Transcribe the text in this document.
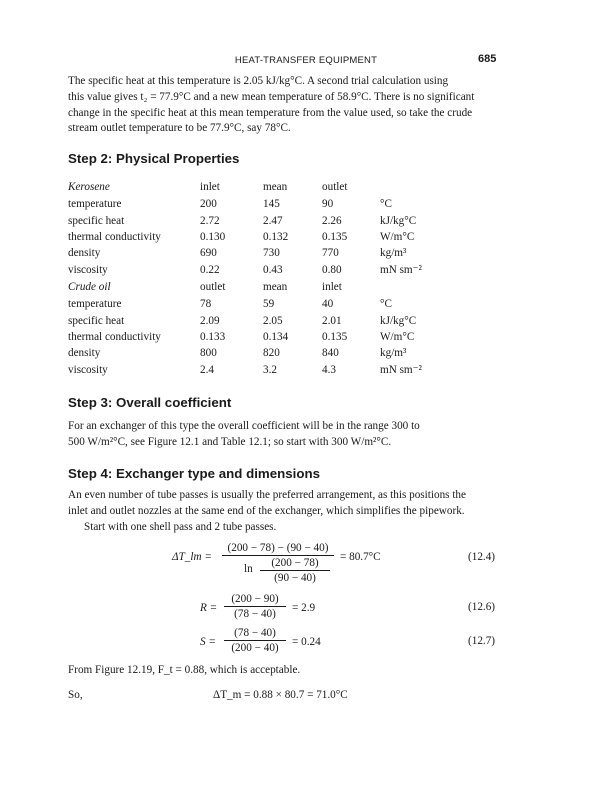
HEAT-TRANSFER EQUIPMENT	685

The specific heat at this temperature is 2.05 kJ/kg°C. A second trial calculation using

this value gives t₂ = 77.9°C and a new mean temperature of 58.9°C. There is no significant

change in the specific heat at this mean temperature from the value used, so take the crude

stream outlet temperature to be 77.9°C, say 78°C.

Step 2: Physical Properties
Kerosene	inlet	mean	outlet	
temperature	200	145	90	°C
specific heat	2.72	2.47	2.26	kJ/kg°C
thermal conductivity	0.130	0.132	0.135	W/m°C
density	690	730	770	kg/m³
viscosity	0.22	0.43	0.80	mN sm⁻²
Crude oil	outlet	mean	inlet	
temperature	78	59	40	°C
specific heat	2.09	2.05	2.01	kJ/kg°C
thermal conductivity	0.133	0.134	0.135	W/m°C
density	800	820	840	kg/m³
viscosity	2.4	3.2	4.3	mN sm⁻²
Step 3: Overall coefficient

For an exchanger of this type the overall coefficient will be in the range 300 to

500 W/m²°C, see Figure 12.1 and Table 12.1; so start with 300 W/m²°C.

Step 4: Exchanger type and dimensions

An even number of tube passes is usually the preferred arrangement, as this positions the

inlet and outlet nozzles at the same end of the exchanger, which simplifies the pipework.

Start with one shell pass and 2 tube passes.

ΔT_lm =
(200 − 78) − (90 − 40)
$\ln \frac{(200 - 78)}{(90 - 40)} = 80.7^\circ C$	(12.4)
$R = \frac{(200 - 90)}{(78 - 40)} = 2.9$	(12.6)
$S = \frac{(78 - 40)}{(200 - 40)} = 0.24$	(12.7)
From Figure 12.19, F_t = 0.88, which is acceptable.
So,	ΔT_m = 0.88 × 80.7 = 71.0°C
